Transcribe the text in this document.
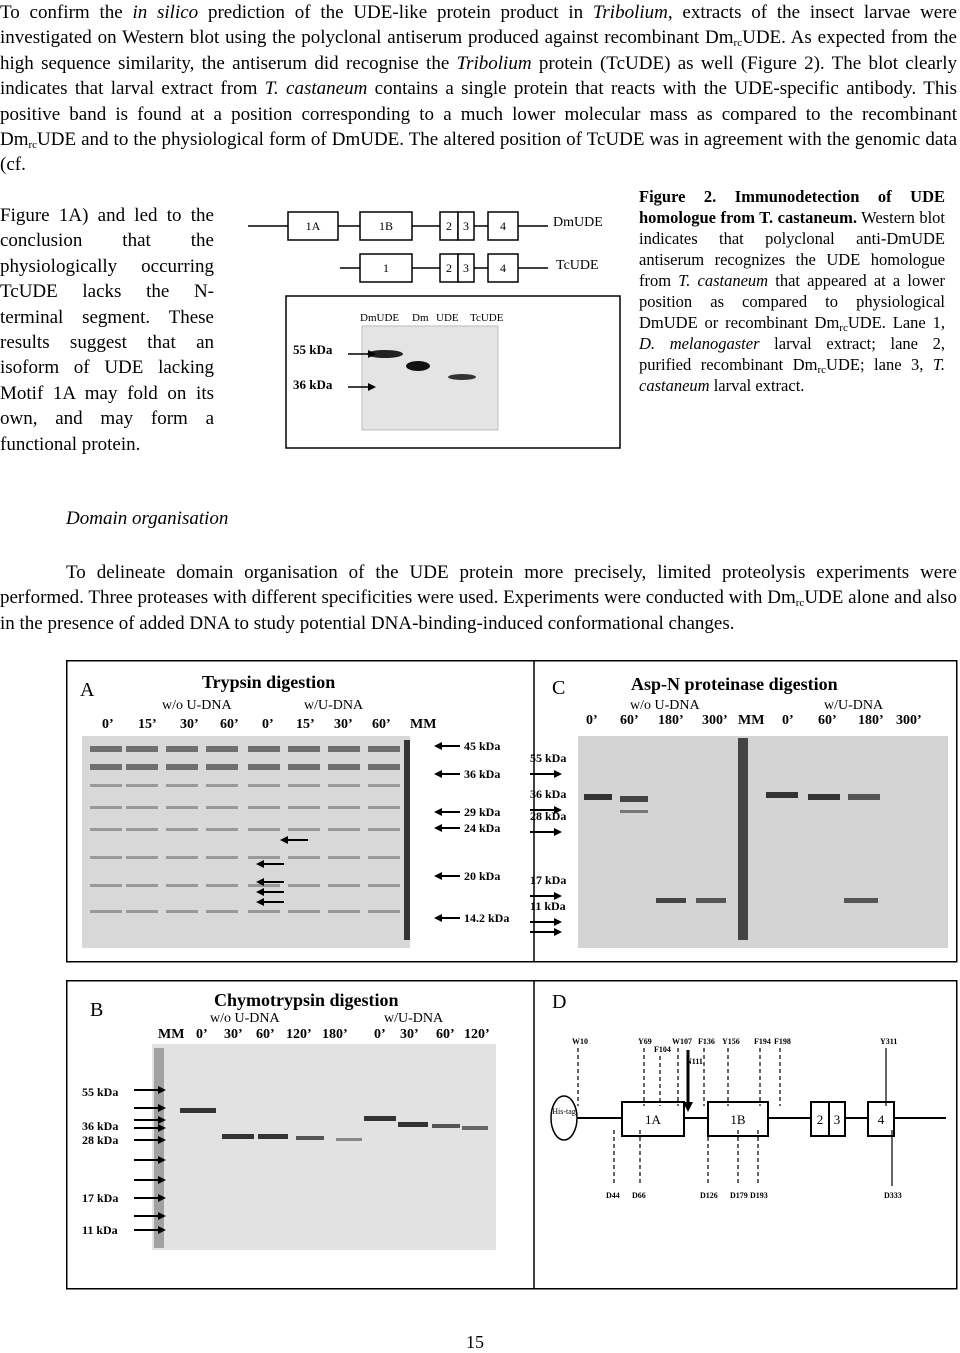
To confirm the in silico prediction of the UDE-like protein product in Tribolium, extracts of the insect larvae were investigated on Western blot using the polyclonal antiserum produced against recombinant $Dm_{rc}UDE$. As expected from the high sequence similarity, the antiserum did recognise the Tribolium protein (TcUDE) as well (Figure 2). The blot clearly indicates that larval extract from T. castaneum contains a single protein that reacts with the UDE-specific antibody. This positive band is found at a position corresponding to a much lower molecular mass as compared to the recombinant $Dm_{rc}UDE$ and to the physiological form of DmUDE. The altered position of TcUDE was in agreement with the genomic data (cf.

Figure 1A) and led to the conclusion that the physiologically occurring TcUDE lacks the N-terminal segment. These results suggest that an isoform of UDE lacking Motif 1A may fold on its own, and may form a functional protein.

1A	1B	2 3	4	DmUDE
1	2 3	4	TcUDE
DmUDE Dm UDE TcUDE
55 kDa
36 kDa

Figure 2. Immunodetection of UDE homologue from T. castaneum. Western blot indicates that polyclonal anti-DmUDE antiserum recognizes the UDE homologue from T. castaneum that appeared at a lower position as compared to physiological DmUDE or recombinant $Dm_{rc}UDE$. Lane 1, D. melanogaster larval extract; lane 2, purified recombinant $Dm_{rc}UDE$; lane 3, T. castaneum larval extract.

Domain organisation

To delineate domain organisation of the UDE protein more precisely, limited proteolysis experiments were performed. Three proteases with different specificities were used. Experiments were conducted with $Dm_{rc}UDE$ alone and also in the presence of added DNA to study potential DNA-binding-induced conformational changes.

A	Trypsin digestion
w/o U-DNA	w/U-DNA
0’ 15’ 30’ 60’ 0’ 15’ 30’ 60’ MM
45 kDa
36 kDa
29 kDa
24 kDa
20 kDa
14.2 kDa
C	Asp-N proteinase digestion
w/o U-DNA	w/U-DNA
0’ 60’ 180’ 300’ MM 0’ 60’ 180’ 300’
55 kDa
36 kDa
28 kDa
17 kDa
11 kDa
B	Chymotrypsin digestion
w/o U-DNA	w/U-DNA
MM 0’ 30’ 60’ 120’ 180’ 0’ 30’ 60’ 120’
55 kDa
36 kDa
28 kDa
17 kDa
11 kDa
D
His-tag
1A	1B	2 3	4
W10	Y69
F104
W107 F136 Y156 F194 F198	Y311
D44 D66	D126 D179 D193	D333
N111
15
